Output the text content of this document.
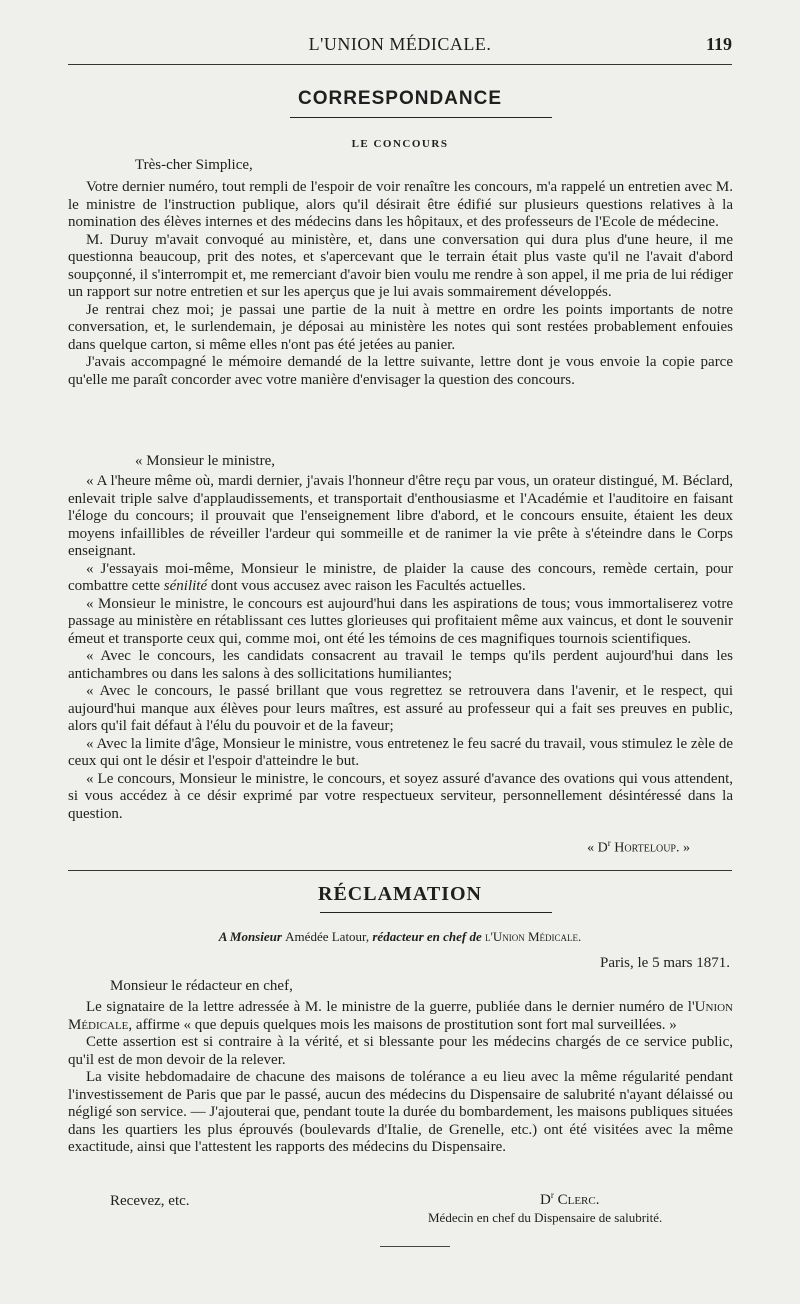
L'UNION MÉDICALE.	119
CORRESPONDANCE
LE CONCOURS
Très-cher Simplice,

Votre dernier numéro, tout rempli de l'espoir de voir renaître les concours, m'a rappelé un entretien avec M. le ministre de l'instruction publique, alors qu'il désirait être édifié sur plusieurs questions relatives à la nomination des élèves internes et des médecins dans les hôpitaux, et des professeurs de l'Ecole de médecine.

M. Duruy m'avait convoqué au ministère, et, dans une conversation qui dura plus d'une heure, il me questionna beaucoup, prit des notes, et s'apercevant que le terrain était plus vaste qu'il ne l'avait d'abord soupçonné, il s'interrompit et, me remerciant d'avoir bien voulu me rendre à son appel, il me pria de lui rédiger un rapport sur notre entretien et sur les aperçus que je lui avais sommairement développés.

Je rentrai chez moi; je passai une partie de la nuit à mettre en ordre les points importants de notre conversation, et, le surlendemain, je déposai au ministère les notes qui sont restées probablement enfouies dans quelque carton, si même elles n'ont pas été jetées au panier.

J'avais accompagné le mémoire demandé de la lettre suivante, lettre dont je vous envoie la copie parce qu'elle me paraît concorder avec votre manière d'envisager la question des concours.

« Monsieur le ministre,

« A l'heure même où, mardi dernier, j'avais l'honneur d'être reçu par vous, un orateur distingué, M. Béclard, enlevait triple salve d'applaudissements, et transportait d'enthousiasme et l'Académie et l'auditoire en faisant l'éloge du concours; il prouvait que l'enseignement libre d'abord, et le concours ensuite, étaient les deux moyens infaillibles de réveiller l'ardeur qui sommeille et de ranimer la vie prête à s'éteindre dans le Corps enseignant.

« J'essayais moi-même, Monsieur le ministre, de plaider la cause des concours, remède certain, pour combattre cette sénilité dont vous accusez avec raison les Facultés actuelles.

« Monsieur le ministre, le concours est aujourd'hui dans les aspirations de tous; vous immortaliserez votre passage au ministère en rétablissant ces luttes glorieuses qui profitaient même aux vaincus, et dont le souvenir émeut et transporte ceux qui, comme moi, ont été les témoins de ces magnifiques tournois scientifiques.

« Avec le concours, les candidats consacrent au travail le temps qu'ils perdent aujourd'hui dans les antichambres ou dans les salons à des sollicitations humiliantes;

« Avec le concours, le passé brillant que vous regrettez se retrouvera dans l'avenir, et le respect, qui aujourd'hui manque aux élèves pour leurs maîtres, est assuré au professeur qui a fait ses preuves en public, alors qu'il fait défaut à l'élu du pouvoir et de la faveur;

« Avec la limite d'âge, Monsieur le ministre, vous entretenez le feu sacré du travail, vous stimulez le zèle de ceux qui ont le désir et l'espoir d'atteindre le but.

« Le concours, Monsieur le ministre, le concours, et soyez assuré d'avance des ovations qui vous attendent, si vous accédez à ce désir exprimé par votre respectueux serviteur, personnellement désintéressé dans la question.

« $D^r$ Horteloup. »
RÉCLAMATION
A Monsieur Amédée Latour, rédacteur en chef de l'Union Médicale.
Paris, le 5 mars 1871.
Monsieur le rédacteur en chef,

Le signataire de la lettre adressée à M. le ministre de la guerre, publiée dans le dernier numéro de l'Union Médicale, affirme « que depuis quelques mois les maisons de prostitution sont fort mal surveillées. »

Cette assertion est si contraire à la vérité, et si blessante pour les médecins chargés de ce service public, qu'il est de mon devoir de la relever.

La visite hebdomadaire de chacune des maisons de tolérance a eu lieu avec la même régularité pendant l'investissement de Paris que par le passé, aucun des médecins du Dispensaire de salubrité n'ayant délaissé ou négligé son service. — J'ajouterai que, pendant toute la durée du bombardement, les maisons publiques situées dans les quartiers les plus éprouvés (boulevards d'Italie, de Grenelle, etc.) ont été visitées avec la même exactitude, ainsi que l'attestent les rapports des médecins du Dispensaire.

Recevez, etc.	$D^r$ Clerc.
Médecin en chef du Dispensaire de salubrité.
